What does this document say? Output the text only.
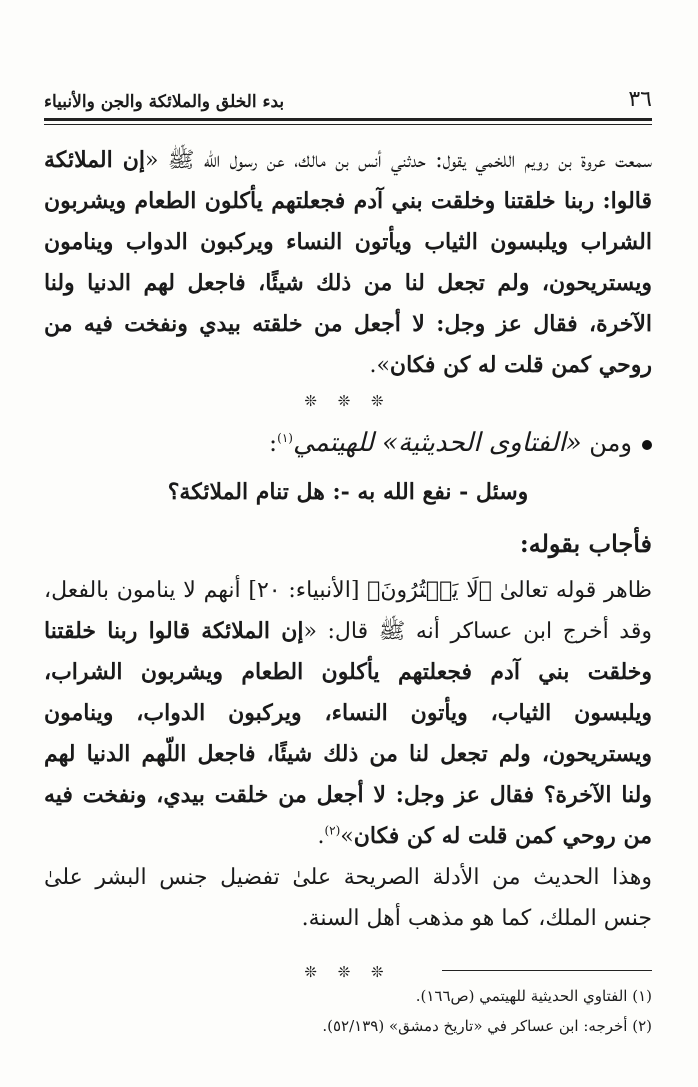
٣٦
بدء الخلق والملائكة والجن والأنبياء

سمعت عروة بن رويم اللخمي يقول: حدثني أنس بن مالك، عن رسول الله ﷺ «إن الملائكة قالوا: ربنا خلقتنا وخلقت بني آدم فجعلتهم يأكلون الطعام ويشربون الشراب ويلبسون الثياب ويأتون النساء ويركبون الدواب وينامون ويستريحون، ولم تجعل لنا من ذلك شيئًا، فاجعل لهم الدنيا ولنا الآخرة، فقال عز وجل: لا أجعل من خلقته بيدي ونفخت فيه من روحي كمن قلت له كن فكان».

❊ ❊ ❊

ومن «الفتاوى الحديثية» للهيتمي$^{(١)}$:

وسئل - نفع الله به -: هل تنام الملائكة؟

فأجاب بقوله:

ظاهر قوله تعالىٰ ﴿لَا يَفۡتُرُونَ﴾ [الأنبياء: ٢٠] أنهم لا ينامون بالفعل، وقد أخرج ابن عساكر أنه ﷺ قال: «إن الملائكة قالوا ربنا خلقتنا وخلقت بني آدم فجعلتهم يأكلون الطعام ويشربون الشراب، ويلبسون الثياب، ويأتون النساء، ويركبون الدواب، وينامون ويستريحون، ولم تجعل لنا من ذلك شيئًا، فاجعل اللّهم الدنيا لهم ولنا الآخرة؟ فقال عز وجل: لا أجعل من خلقت بيدي، ونفخت فيه من روحي كمن قلت له كن فكان»$^{(٢)}$.

وهذا الحديث من الأدلة الصريحة علىٰ تفضيل جنس البشر علىٰ جنس الملك، كما هو مذهب أهل السنة.

❊ ❊ ❊
(١) الفتاوي الحديثية للهيتمي (ص١٦٦).
(٢) أخرجه: ابن عساكر في «تاريخ دمشق» (٥٢/١٣٩).
